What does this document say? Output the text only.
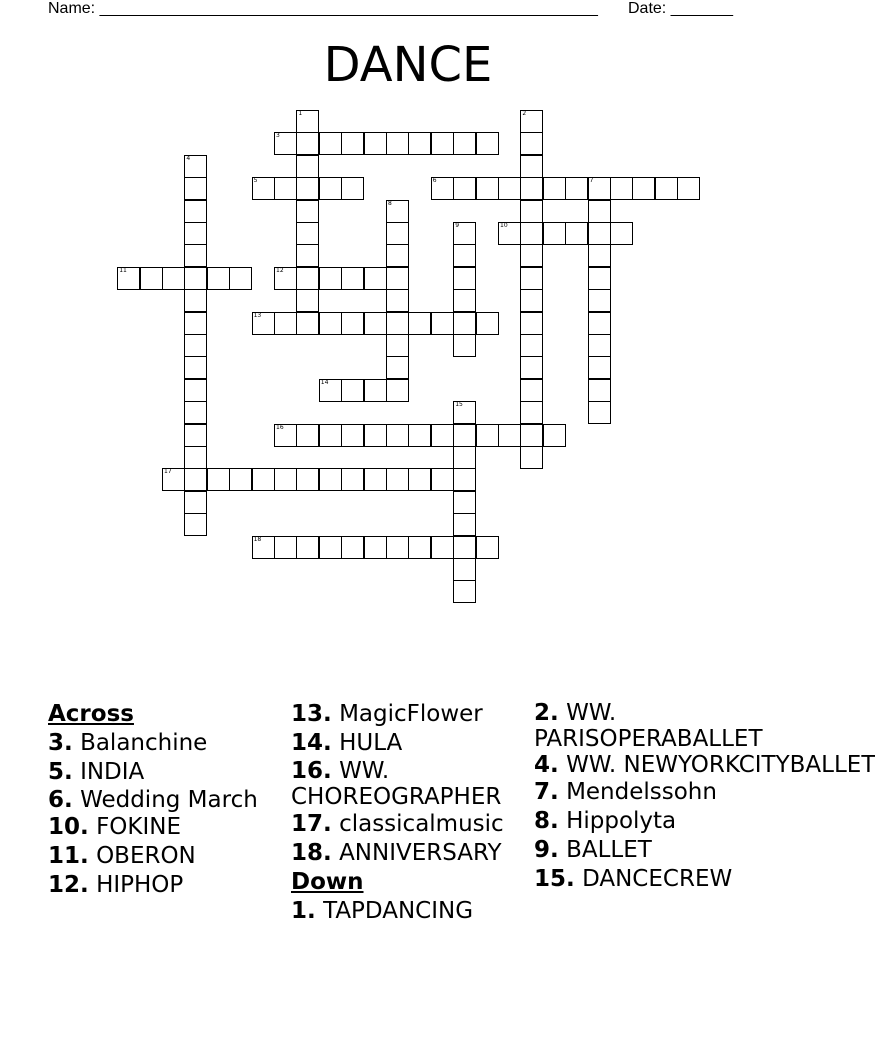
Name: ________________________________________________________ Date: _______
DANCE
1	2
3
4
5	6	7
8
9	10
11	12
13
14
15
16
17
18
Across
3. Balanchine
5. INDIA
6. Wedding March
10. FOKINE
11. OBERON
12. HIPHOP
13. MagicFlower
14. HULA
16. WW. CHOREOGRAPHER
17. classicalmusic
18. ANNIVERSARY
Down
1. TAPDANCING
2. WW. PARISOPERABALLET
4. WW. NEWYORKCITYBALLET
7. Mendelssohn
8. Hippolyta
9. BALLET
15. DANCECREW
